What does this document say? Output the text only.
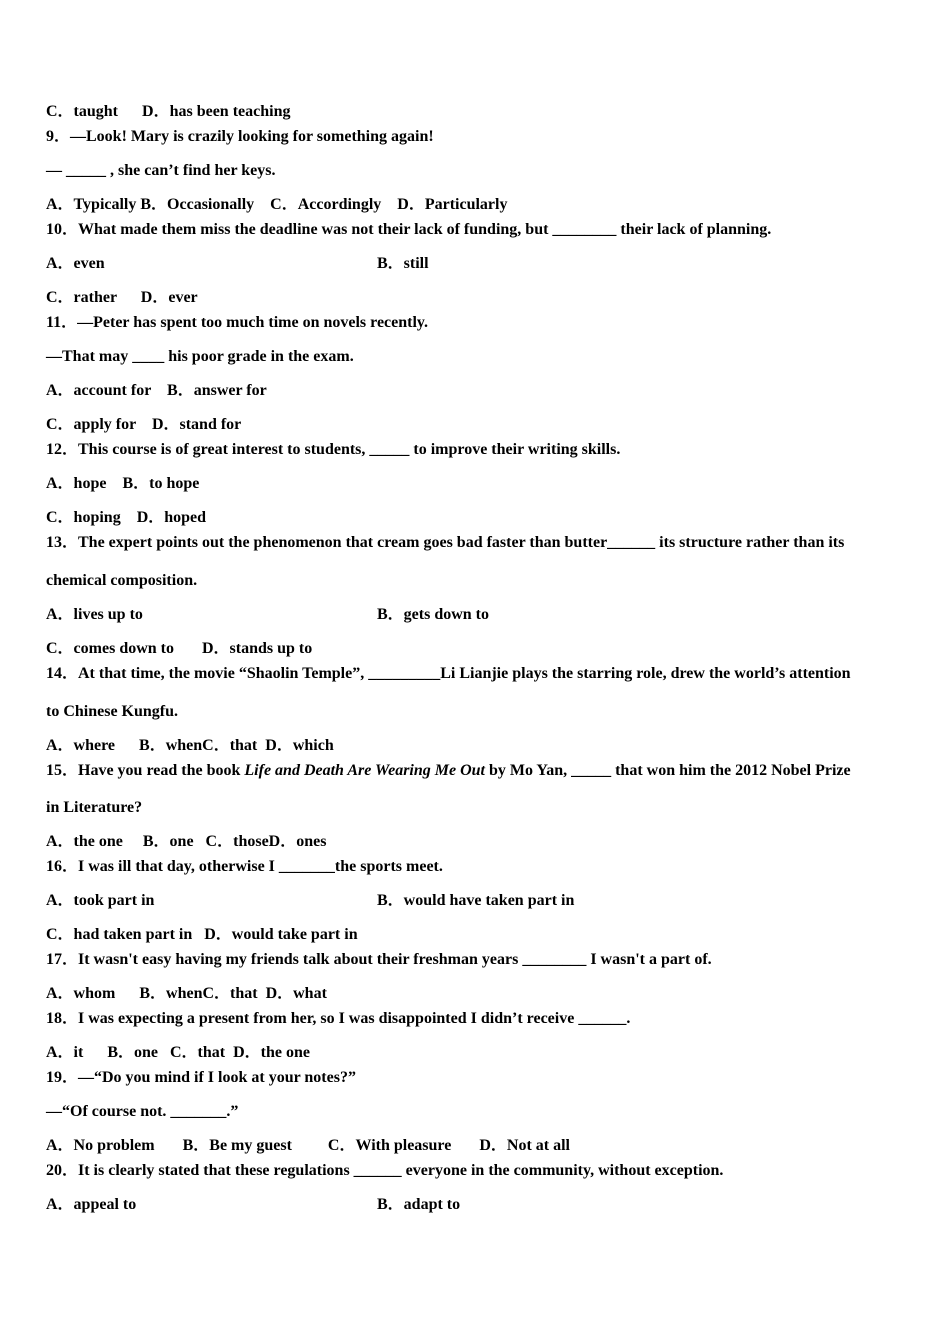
C．taught      D．has been teaching
9．—Look! Mary is crazily looking for something again!
— _____ , she can’t find her keys.
A．Typically B．Occasionally    C．Accordingly    D．Particularly
10．What made them miss the deadline was not their lack of funding, but ________ their lack of planning.
A．even	B．still
C．rather      D．ever
11．—Peter has spent too much time on novels recently.
—That may ____ his poor grade in the exam.
A．account for    B．answer for
C．apply for    D．stand for
12．This course is of great interest to students, _____ to improve their writing skills.
A．hope    B．to hope
C．hoping    D．hoped
13．The expert points out the phenomenon that cream goes bad faster than butter______ its structure rather than its
chemical composition.
A．lives up to	B．gets down to
C．comes down to       D．stands up to
14．At that time, the movie “Shaolin Temple”, _________Li Lianjie plays the starring role, drew the world’s attention
to Chinese Kungfu.
A．where      B．whenC．that  D．which
15．Have you read the book Life and Death Are Wearing Me Out by Mo Yan, _____ that won him the 2012 Nobel Prize
in Literature?
A．the one     B．one   C．thoseD．ones
16．I was ill that day, otherwise I _______the sports meet.
A．took part in	B．would have taken part in
C．had taken part in   D．would take part in
17．It wasn't easy having my friends talk about their freshman years ________ I wasn't a part of.
A．whom      B．whenC．that  D．what
18．I was expecting a present from her, so I was disappointed I didn’t receive ______.
A．it      B．one   C．that  D．the one
19．—“Do you mind if I look at your notes?”
—“Of course not. _______.”
A．No problem       B．Be my guest         C．With pleasure       D．Not at all
20．It is clearly stated that these regulations ______ everyone in the community, without exception.
A．appeal to	B．adapt to
